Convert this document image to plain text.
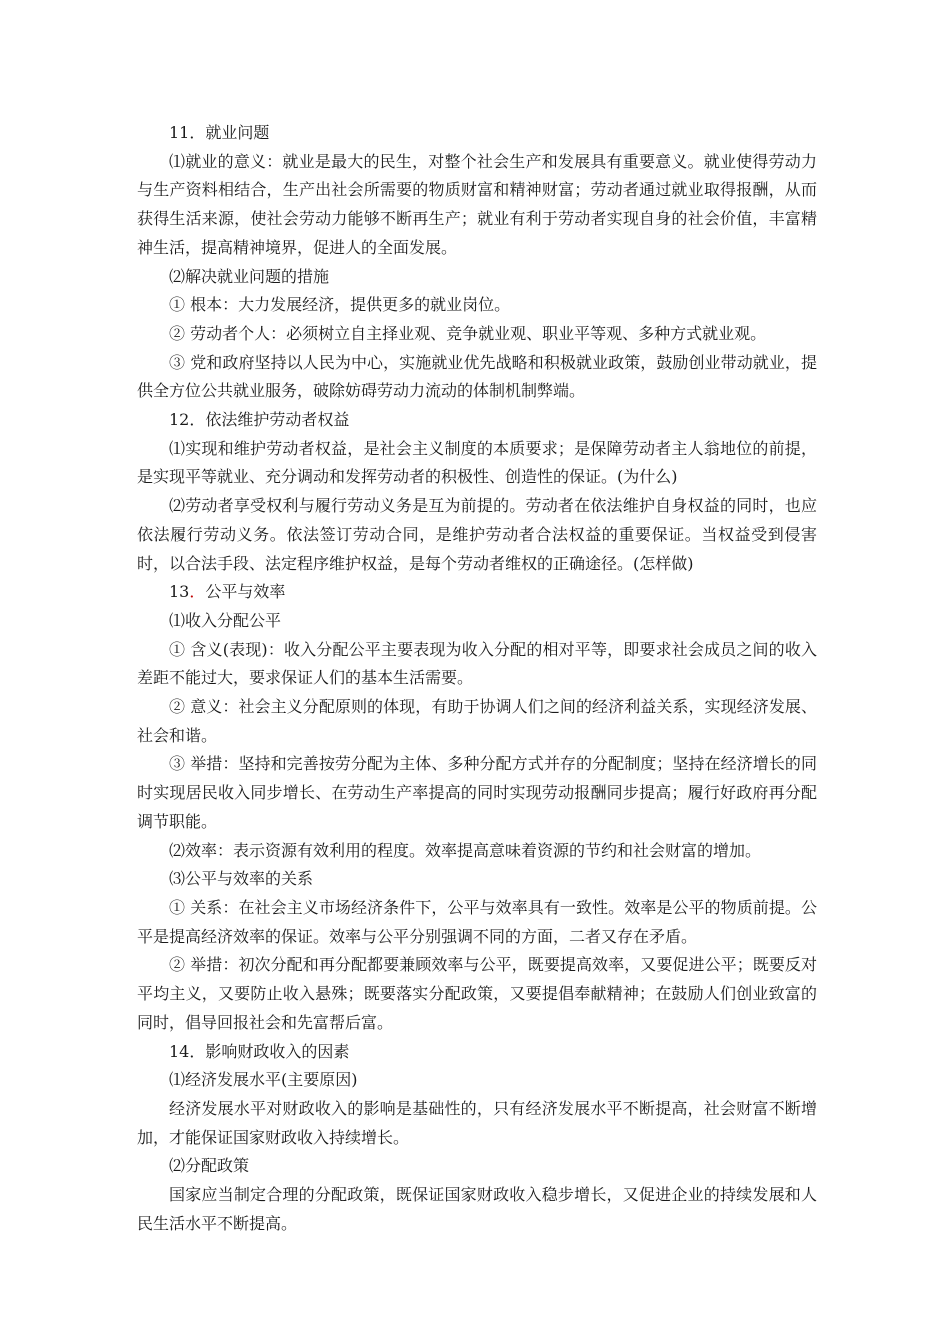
11．就业问题

⑴就业的意义：就业是最大的民生，对整个社会生产和发展具有重要意义。就业使得劳动力与生产资料相结合，生产出社会所需要的物质财富和精神财富；劳动者通过就业取得报酬，从而获得生活来源，使社会劳动力能够不断再生产；就业有利于劳动者实现自身的社会价值，丰富精神生活，提高精神境界，促进人的全面发展。

⑵解决就业问题的措施

① 根本：大力发展经济，提供更多的就业岗位。

② 劳动者个人：必须树立自主择业观、竞争就业观、职业平等观、多种方式就业观。

③ 党和政府坚持以人民为中心，实施就业优先战略和积极就业政策，鼓励创业带动就业，提供全方位公共就业服务，破除妨碍劳动力流动的体制机制弊端。

12．依法维护劳动者权益

⑴实现和维护劳动者权益，是社会主义制度的本质要求；是保障劳动者主人翁地位的前提，是实现平等就业、充分调动和发挥劳动者的积极性、创造性的保证。(为什么)

⑵劳动者享受权利与履行劳动义务是互为前提的。劳动者在依法维护自身权益的同时，也应依法履行劳动义务。依法签订劳动合同，是维护劳动者合法权益的重要保证。当权益受到侵害时，以合法手段、法定程序维护权益，是每个劳动者维权的正确途径。(怎样做)

13．公平与效率

⑴收入分配公平

① 含义(表现)：收入分配公平主要表现为收入分配的相对平等，即要求社会成员之间的收入差距不能过大，要求保证人们的基本生活需要。

② 意义：社会主义分配原则的体现，有助于协调人们之间的经济利益关系，实现经济发展、社会和谐。

③ 举措：坚持和完善按劳分配为主体、多种分配方式并存的分配制度；坚持在经济增长的同时实现居民收入同步增长、在劳动生产率提高的同时实现劳动报酬同步提高；履行好政府再分配调节职能。

⑵效率：表示资源有效利用的程度。效率提高意味着资源的节约和社会财富的增加。

⑶公平与效率的关系

① 关系：在社会主义市场经济条件下，公平与效率具有一致性。效率是公平的物质前提。公平是提高经济效率的保证。效率与公平分别强调不同的方面，二者又存在矛盾。

② 举措：初次分配和再分配都要兼顾效率与公平，既要提高效率，又要促进公平；既要反对平均主义，又要防止收入悬殊；既要落实分配政策，又要提倡奉献精神；在鼓励人们创业致富的同时，倡导回报社会和先富帮后富。

14．影响财政收入的因素

⑴经济发展水平(主要原因)

经济发展水平对财政收入的影响是基础性的，只有经济发展水平不断提高，社会财富不断增加，才能保证国家财政收入持续增长。

⑵分配政策

国家应当制定合理的分配政策，既保证国家财政收入稳步增长，又促进企业的持续发展和人民生活水平不断提高。
